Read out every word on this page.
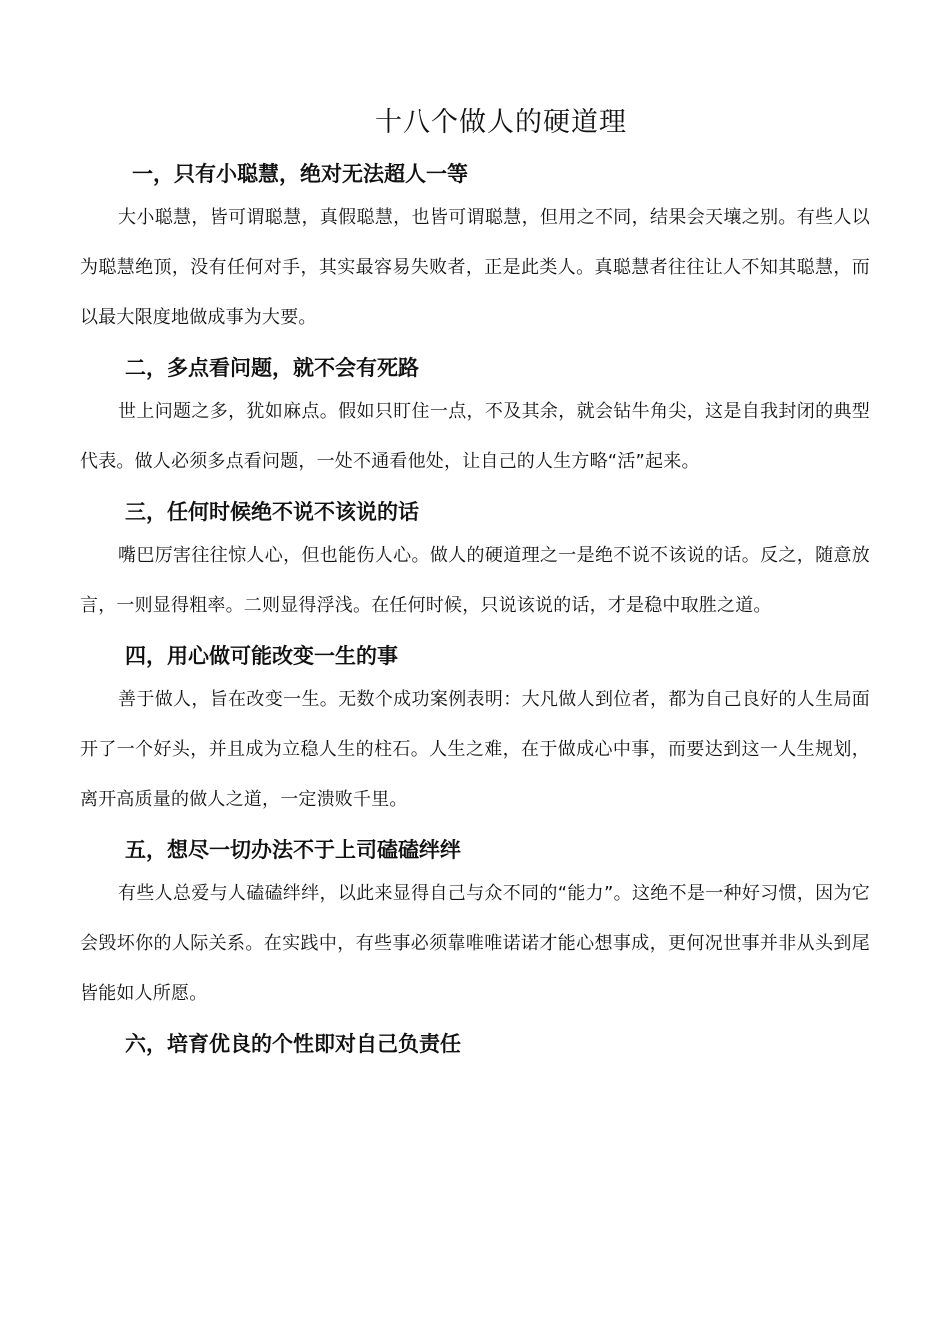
十八个做人的硬道理
一，只有小聪慧，绝对无法超人一等

大小聪慧，皆可谓聪慧，真假聪慧，也皆可谓聪慧，但用之不同，结果会天壤之别。有些人以为聪慧绝顶，没有任何对手，其实最容易失败者，正是此类人。真聪慧者往往让人不知其聪慧，而以最大限度地做成事为大要。

二，多点看问题，就不会有死路

世上问题之多，犹如麻点。假如只盯住一点，不及其余，就会钻牛角尖，这是自我封闭的典型代表。做人必须多点看问题，一处不通看他处，让自己的人生方略“活”起来。

三，任何时候绝不说不该说的话

嘴巴厉害往往惊人心，但也能伤人心。做人的硬道理之一是绝不说不该说的话。反之，随意放言，一则显得粗率。二则显得浮浅。在任何时候，只说该说的话，才是稳中取胜之道。

四，用心做可能改变一生的事

善于做人，旨在改变一生。无数个成功案例表明：大凡做人到位者，都为自己良好的人生局面开了一个好头，并且成为立稳人生的柱石。人生之难，在于做成心中事，而要达到这一人生规划，离开高质量的做人之道，一定溃败千里。

五，想尽一切办法不于上司磕磕绊绊

有些人总爱与人磕磕绊绊，以此来显得自己与众不同的“能力”。这绝不是一种好习惯，因为它会毁坏你的人际关系。在实践中，有些事必须靠唯唯诺诺才能心想事成，更何况世事并非从头到尾皆能如人所愿。

六，培育优良的个性即对自己负责任
